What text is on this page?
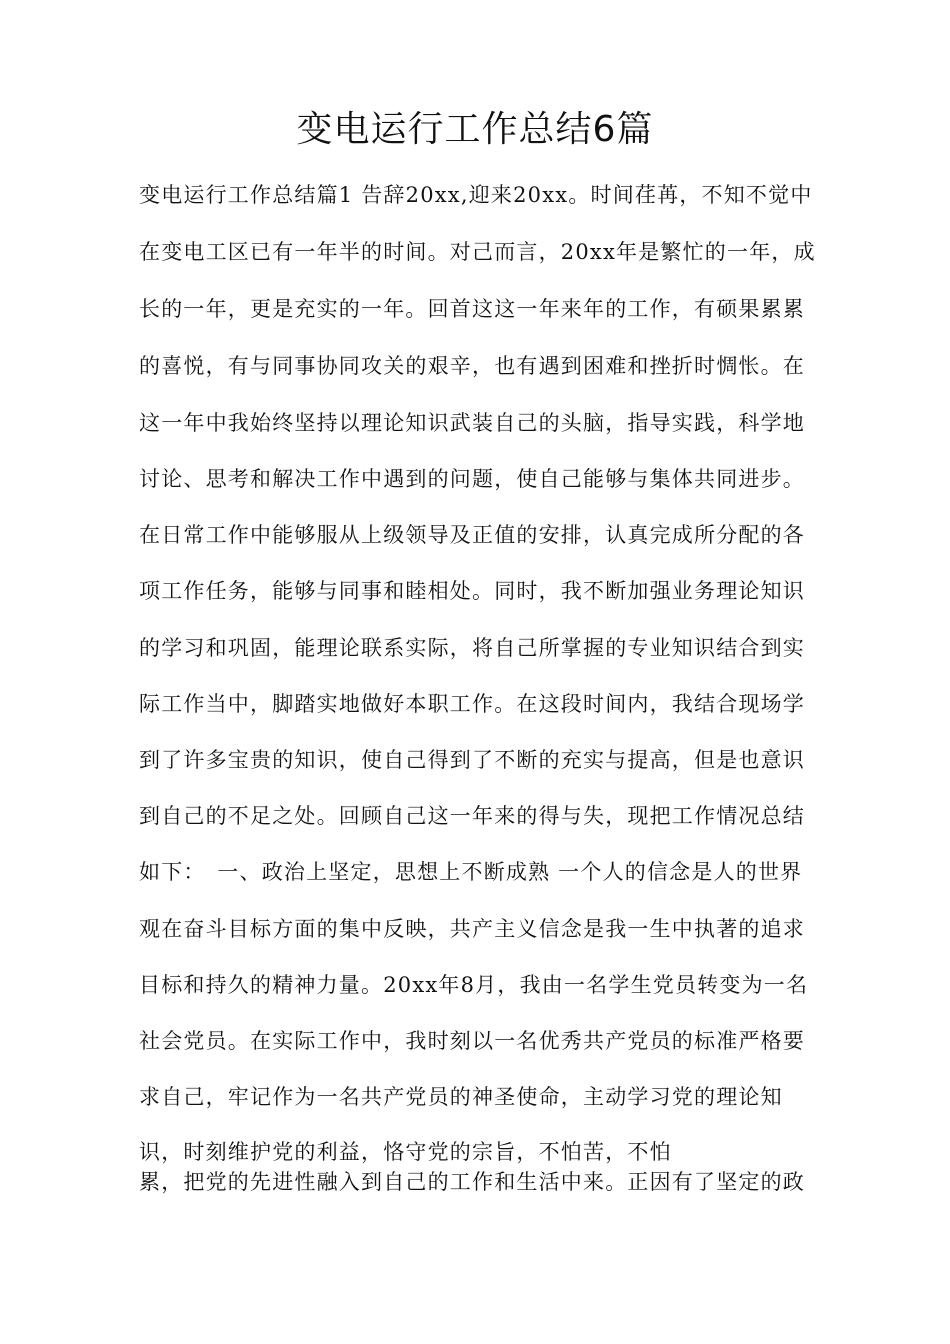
变电运行工作总结6篇
变电运行工作总结篇1 告辞20xx,迎来20xx。时间荏苒，不知不觉中
在变电工区已有一年半的时间。对己而言，20xx年是繁忙的一年，成
长的一年，更是充实的一年。回首这这一年来年的工作，有硕果累累
的喜悦，有与同事协同攻关的艰辛，也有遇到困难和挫折时惆怅。在
这一年中我始终坚持以理论知识武装自己的头脑，指导实践，科学地
讨论、思考和解决工作中遇到的问题，使自己能够与集体共同进步。
在日常工作中能够服从上级领导及正值的安排，认真完成所分配的各
项工作任务，能够与同事和睦相处。同时，我不断加强业务理论知识
的学习和巩固，能理论联系实际，将自己所掌握的专业知识结合到实
际工作当中，脚踏实地做好本职工作。在这段时间内，我结合现场学
到了许多宝贵的知识，使自己得到了不断的充实与提高，但是也意识
到自己的不足之处。回顾自己这一年来的得与失，现把工作情况总结
如下：　一、政治上坚定，思想上不断成熟 一个人的信念是人的世界
观在奋斗目标方面的集中反映，共产主义信念是我一生中执著的追求
目标和持久的精神力量。20xx年8月，我由一名学生党员转变为一名
社会党员。在实际工作中，我时刻以一名优秀共产党员的标准严格要
求自己，牢记作为一名共产党员的神圣使命，主动学习党的理论知
识，时刻维护党的利益，恪守党的宗旨，不怕苦，不怕
累，把党的先进性融入到自己的工作和生活中来。正因有了坚定的政
